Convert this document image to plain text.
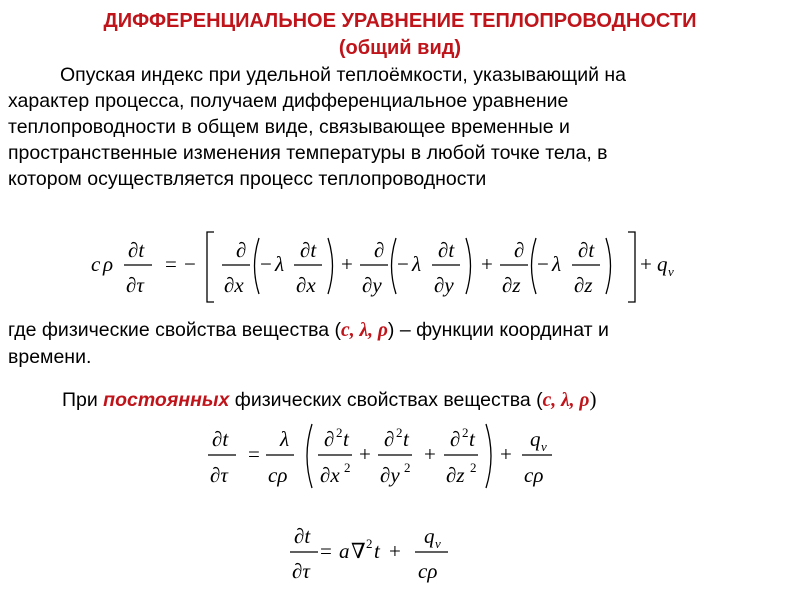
ДИФФЕРЕНЦИАЛЬНОЕ УРАВНЕНИЕ ТЕПЛОПРОВОДНОСТИ
(общий вид)
Опуская индекс при удельной теплоёмкости, указывающий на
характер процесса, получаем дифференциальное уравнение
теплопроводности в общем виде, связывающее временные и
пространственные изменения температуры в любой точке тела, в
котором осуществляется процесс теплопроводности
c ρ
∂t
∂τ
= −
∂
∂x
− λ
∂t
∂x
+
∂
∂y
− λ
∂t
∂y
+
∂
∂z
− λ
∂t
∂z
+ q v
где физические свойства вещества (с, λ, ρ) – функции координат и
времени.
При постоянных физических свойствах вещества (с, λ, ρ)
∂t
∂τ
=
λ
cρ
∂ 2 t
∂x 2
+
∂ 2 t
∂y 2
+
∂ 2 t
∂z 2
+
q v
cρ
∂t
∂τ
= a ∇ 2 t +
q v
cρ
